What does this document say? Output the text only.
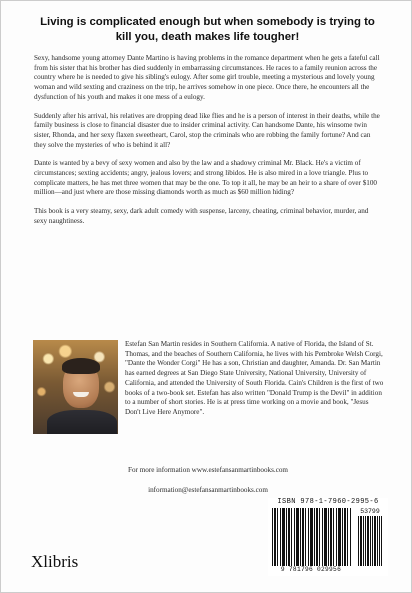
Living is complicated enough but when somebody is trying to kill you, death makes life tougher!

Sexy, handsome young attorney Dante Martino is having problems in the romance department when he gets a fateful call from his sister that his brother has died suddenly in embarrassing circumstances. He races to a family reunion across the country where he is needed to give his sibling's eulogy. After some girl trouble, meeting a mysterious and lovely young woman and wild sexting and craziness on the trip, he arrives somehow in one piece. Once there, he encounters all the dysfunction of his youth and makes it one mess of a eulogy.

Suddenly after his arrival, his relatives are dropping dead like flies and he is a person of interest in their deaths, while the family business is close to financial disaster due to insider criminal activity. Can handsome Dante, his winsome twin sister, Rhonda, and her sexy flaxen sweetheart, Carol, stop the criminals who are robbing the family fortune? And can they solve the mysteries of who is behind it all?

Dante is wanted by a bevy of sexy women and also by the law and a shadowy criminal Mr. Black. He's a victim of circumstances; sexting accidents; angry, jealous lovers; and strong libidos. He is also mired in a love triangle. Plus to complicate matters, he has met three women that may be the one. To top it all, he may be an heir to a share of over $100 million—and just where are those missing diamonds worth as much as $60 million hiding?

This book is a very steamy, sexy, dark adult comedy with suspense, larceny, cheating, criminal behavior, murder, and sexy naughtiness.

Estefan San Martin resides in Southern California. A native of Florida, the Island of St. Thomas, and the beaches of Southern California, he lives with his Pembroke Welsh Corgi, "Dante the Wonder Corgi" He has a son, Christian and daughter, Amanda. Dr. San Martin has earned degrees at San Diego State University, National University, University of California, and attended the University of South Florida. Cain's Children is the first of two books of a two-book set. Estefan has also written "Donald Trump is the Devil" in addition to a number of short stories. He is at press time working on a movie and book, "Jesus Don't Live Here Anymore".

For more information www.estefansanmartinbooks.com
information@estefansanmartinbooks.com
ISBN 978-1-7960-2995-6
53799
9 781796 029956
Xlibris
